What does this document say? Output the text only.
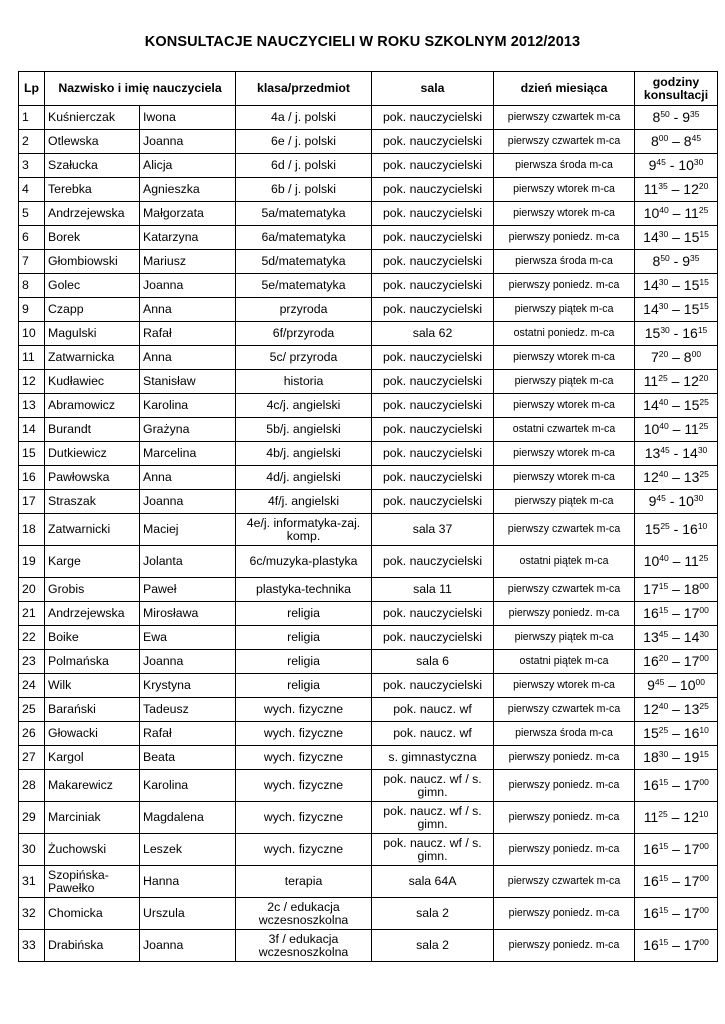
KONSULTACJE NAUCZYCIELI W ROKU SZKOLNYM 2012/2013
Lp	Nazwisko i imię nauczyciela		klasa/przedmiot	sala	dzień miesiąca	godziny konsultacji
1	Kuśnierczak	Iwona	4a / j. polski	pok. nauczycielski	pierwszy czwartek m-ca	$8^{50} - 9^{35}$
2	Otlewska	Joanna	6e / j. polski	pok. nauczycielski	pierwszy czwartek m-ca	$8^{00} - 8^{45}$
3	Szałucka	Alicja	6d / j. polski	pok. nauczycielski	pierwsza środa m-ca	$9^{45} - 10^{30}$
4	Terebka	Agnieszka	6b / j. polski	pok. nauczycielski	pierwszy wtorek m-ca	$11^{35} - 12^{20}$
5	Andrzejewska	Małgorzata	5a/matematyka	pok. nauczycielski	pierwszy wtorek m-ca	$10^{40} - 11^{25}$
6	Borek	Katarzyna	6a/matematyka	pok. nauczycielski	pierwszy poniedz. m-ca	$14^{30} - 15^{15}$
7	Głombiowski	Mariusz	5d/matematyka	pok. nauczycielski	pierwsza środa m-ca	$8^{50} - 9^{35}$
8	Golec	Joanna	5e/matematyka	pok. nauczycielski	pierwszy poniedz. m-ca	$14^{30} - 15^{15}$
9	Czapp	Anna	przyroda	pok. nauczycielski	pierwszy piątek m-ca	$14^{30} - 15^{15}$
10	Magulski	Rafał	6f/przyroda	sala 62	ostatni poniedz. m-ca	$15^{30} - 16^{15}$
11	Zatwarnicka	Anna	5c/ przyroda	pok. nauczycielski	pierwszy wtorek m-ca	$7^{20} - 8^{00}$
12	Kudławiec	Stanisław	historia	pok. nauczycielski	pierwszy piątek m-ca	$11^{25} - 12^{20}$
13	Abramowicz	Karolina	4c/j. angielski	pok. nauczycielski	pierwszy wtorek m-ca	$14^{40} - 15^{25}$
14	Burandt	Grażyna	5b/j. angielski	pok. nauczycielski	ostatni czwartek m-ca	$10^{40} - 11^{25}$
15	Dutkiewicz	Marcelina	4b/j. angielski	pok. nauczycielski	pierwszy wtorek m-ca	$13^{45} - 14^{30}$
16	Pawłowska	Anna	4d/j. angielski	pok. nauczycielski	pierwszy wtorek m-ca	$12^{40} - 13^{25}$
17	Straszak	Joanna	4f/j. angielski	pok. nauczycielski	pierwszy piątek m-ca	$9^{45} - 10^{30}$
18	Zatwarnicki	Maciej	4e/j. informatyka-zaj. komp.	sala 37	pierwszy czwartek m-ca	$15^{25} - 16^{10}$
19	Karge	Jolanta	6c/muzyka-plastyka	pok. nauczycielski	ostatni piątek m-ca	$10^{40} - 11^{25}$
20	Grobis	Paweł	plastyka-technika	sala 11	pierwszy czwartek m-ca	$17^{15} - 18^{00}$
21	Andrzejewska	Mirosława	religia	pok. nauczycielski	pierwszy poniedz. m-ca	$16^{15} - 17^{00}$
22	Boike	Ewa	religia	pok. nauczycielski	pierwszy piątek m-ca	$13^{45} - 14^{30}$
23	Polmańska	Joanna	religia	sala 6	ostatni piątek m-ca	$16^{20} - 17^{00}$
24	Wilk	Krystyna	religia	pok. nauczycielski	pierwszy wtorek m-ca	$9^{45} - 10^{00}$
25	Barański	Tadeusz	wych. fizyczne	pok. naucz. wf	pierwszy czwartek m-ca	$12^{40} - 13^{25}$
26	Głowacki	Rafał	wych. fizyczne	pok. naucz. wf	pierwsza środa m-ca	$15^{25} - 16^{10}$
27	Kargol	Beata	wych. fizyczne	s. gimnastyczna	pierwszy poniedz. m-ca	$18^{30} - 19^{15}$
28	Makarewicz	Karolina	wych. fizyczne	pok. naucz. wf / s. gimn.	pierwszy poniedz. m-ca	$16^{15} - 17^{00}$
29	Marciniak	Magdalena	wych. fizyczne	pok. naucz. wf / s. gimn.	pierwszy poniedz. m-ca	$11^{25} - 12^{10}$
30	Żuchowski	Leszek	wych. fizyczne	pok. naucz. wf / s. gimn.	pierwszy poniedz. m-ca	$16^{15} - 17^{00}$
31	Szopińska-Pawełko	Hanna	terapia	sala 64A	pierwszy czwartek m-ca	$16^{15} - 17^{00}$
32	Chomicka	Urszula	2c / edukacja wczesnoszkolna	sala 2	pierwszy poniedz. m-ca	$16^{15} - 17^{00}$
33	Drabińska	Joanna	3f / edukacja wczesnoszkolna	sala 2	pierwszy poniedz. m-ca	$16^{15} - 17^{00}$
